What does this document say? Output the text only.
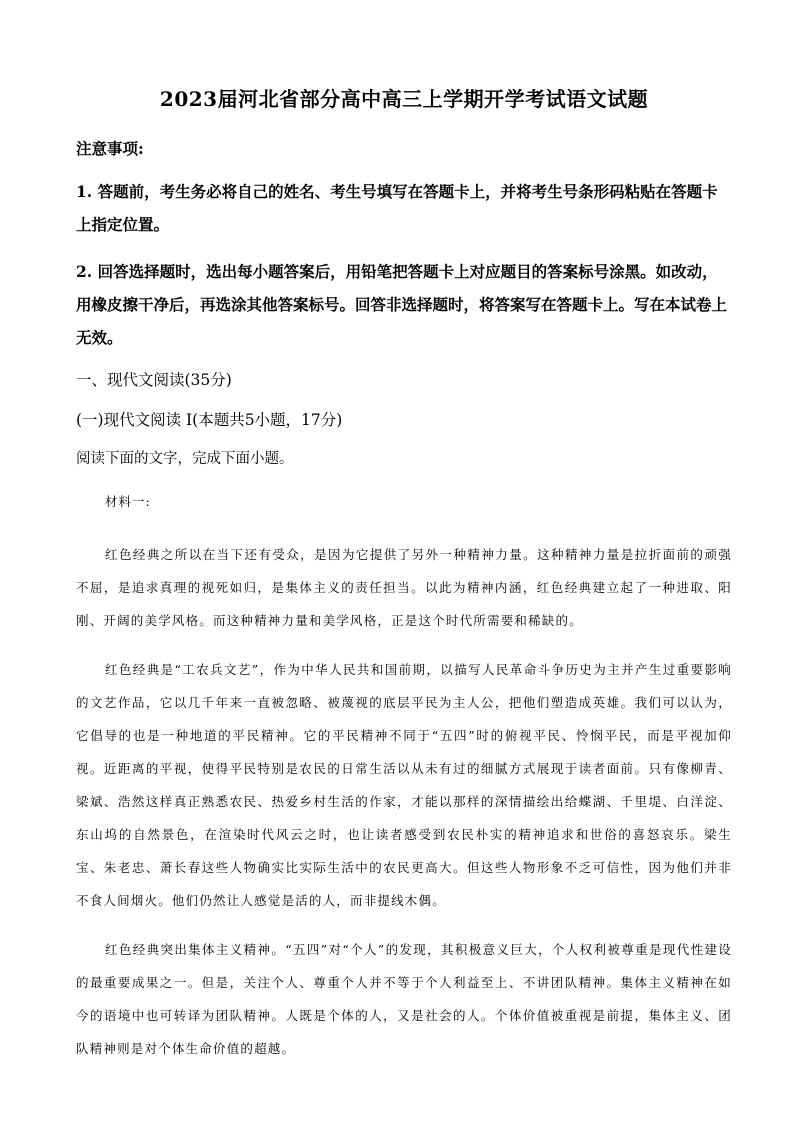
2023届河北省部分高中高三上学期开学考试语文试题
注意事项:
1. 答题前，考生务必将自己的姓名、考生号填写在答题卡上，并将考生号条形码粘贴在答题卡上指定位置。
2. 回答选择题时，选出每小题答案后，用铅笔把答题卡上对应题目的答案标号涂黑。如改动，用橡皮擦干净后，再选涂其他答案标号。回答非选择题时，将答案写在答题卡上。写在本试卷上无效。
一、现代文阅读(35分)
(一)现代文阅读 I(本题共5小题，17分)
阅读下面的文字，完成下面小题。
材料一:

红色经典之所以在当下还有受众，是因为它提供了另外一种精神力量。这种精神力量是拉折面前的顽强不屈，是追求真理的视死如归，是集体主义的责任担当。以此为精神内涵，红色经典建立起了一种进取、阳刚、开阔的美学风格。而这种精神力量和美学风格，正是这个时代所需要和稀缺的。

红色经典是“工农兵文艺”，作为中华人民共和国前期，以描写人民革命斗争历史为主并产生过重要影响的文艺作品，它以几千年来一直被忽略、被蔑视的底层平民为主人公，把他们塑造成英雄。我们可以认为，它倡导的也是一种地道的平民精神。它的平民精神不同于“五四”时的俯视平民、怜悯平民，而是平视加仰视。近距离的平视，使得平民特别是农民的日常生活以从未有过的细腻方式展现于读者面前。只有像柳青、梁斌、浩然这样真正熟悉农民、热爱乡村生活的作家，才能以那样的深情描绘出给蝶湖、千里堤、白洋淀、东山坞的自然景色，在渲染时代风云之时，也让读者感受到农民朴实的精神追求和世俗的喜怒哀乐。梁生宝、朱老忠、萧长春这些人物确实比实际生活中的农民更高大。但这些人物形象不乏可信性，因为他们并非不食人间烟火。他们仍然让人感觉是活的人，而非提线木偶。

红色经典突出集体主义精神。“五四”对“个人”的发现，其积极意义巨大，个人权利被尊重是现代性建设的最重要成果之一。但是，关注个人、尊重个人并不等于个人利益至上、不讲团队精神。集体主义精神在如今的语境中也可转译为团队精神。人既是个体的人，又是社会的人。个体价值被重视是前提，集体主义、团队精神则是对个体生命价值的超越。
